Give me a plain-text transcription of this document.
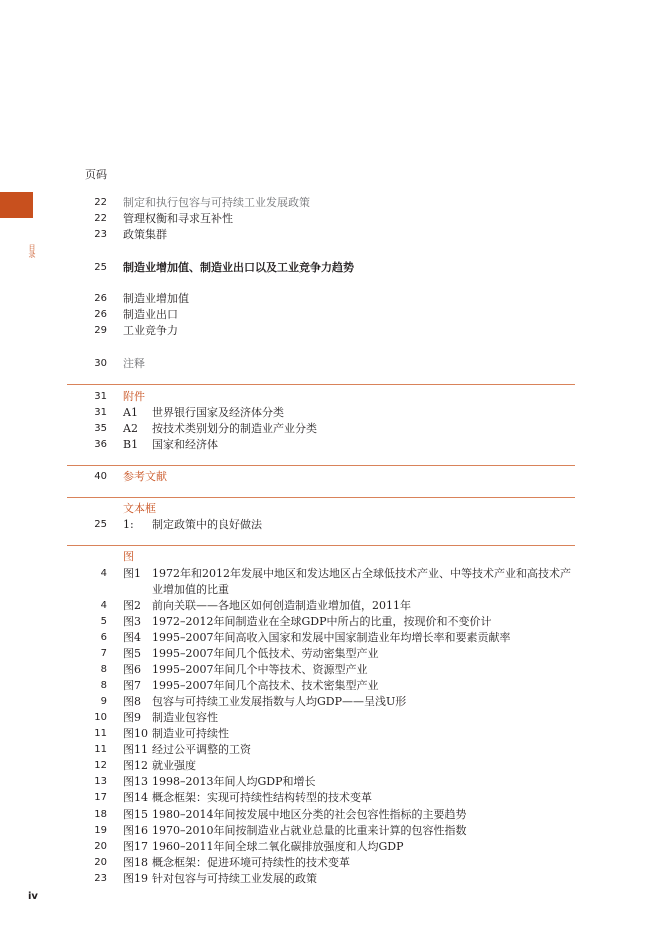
目录
页码
22 制定和执行包容与可持续工业发展政策
22 管理权衡和寻求互补性
23 政策集群
25 制造业增加值、制造业出口以及工业竞争力趋势
26 制造业增加值
26 制造业出口
29 工业竞争力
30 注释
31 附件
31 A1 世界银行国家及经济体分类
35 A2 按技术类别划分的制造业产业分类
36 B1 国家和经济体
40 参考文献
文本框
25 1: 制定政策中的良好做法
图
4 图1 1972年和2012年发展中地区和发达地区占全球低技术产业、中等技术产业和高技术产业增加值的比重
4 图2 前向关联——各地区如何创造制造业增加值，2011年
5 图3 1972–2012年间制造业在全球GDP中所占的比重，按现价和不变价计
6 图4 1995–2007年间高收入国家和发展中国家制造业年均增长率和要素贡献率
7 图5 1995–2007年间几个低技术、劳动密集型产业
8 图6 1995–2007年间几个中等技术、资源型产业
8 图7 1995–2007年间几个高技术、技术密集型产业
9 图8 包容与可持续工业发展指数与人均GDP——呈浅U形
10 图9 制造业包容性
11 图10 制造业可持续性
11 图11 经过公平调整的工资
12 图12 就业强度
13 图13 1998–2013年间人均GDP和增长
17 图14 概念框架：实现可持续性结构转型的技术变革
18 图15 1980–2014年间按发展中地区分类的社会包容性指标的主要趋势
19 图16 1970–2010年间按制造业占就业总量的比重来计算的包容性指数
20 图17 1960–2011年间全球二氧化碳排放强度和人均GDP
20 图18 概念框架：促进环境可持续性的技术变革
23 图19 针对包容与可持续工业发展的政策
iv
